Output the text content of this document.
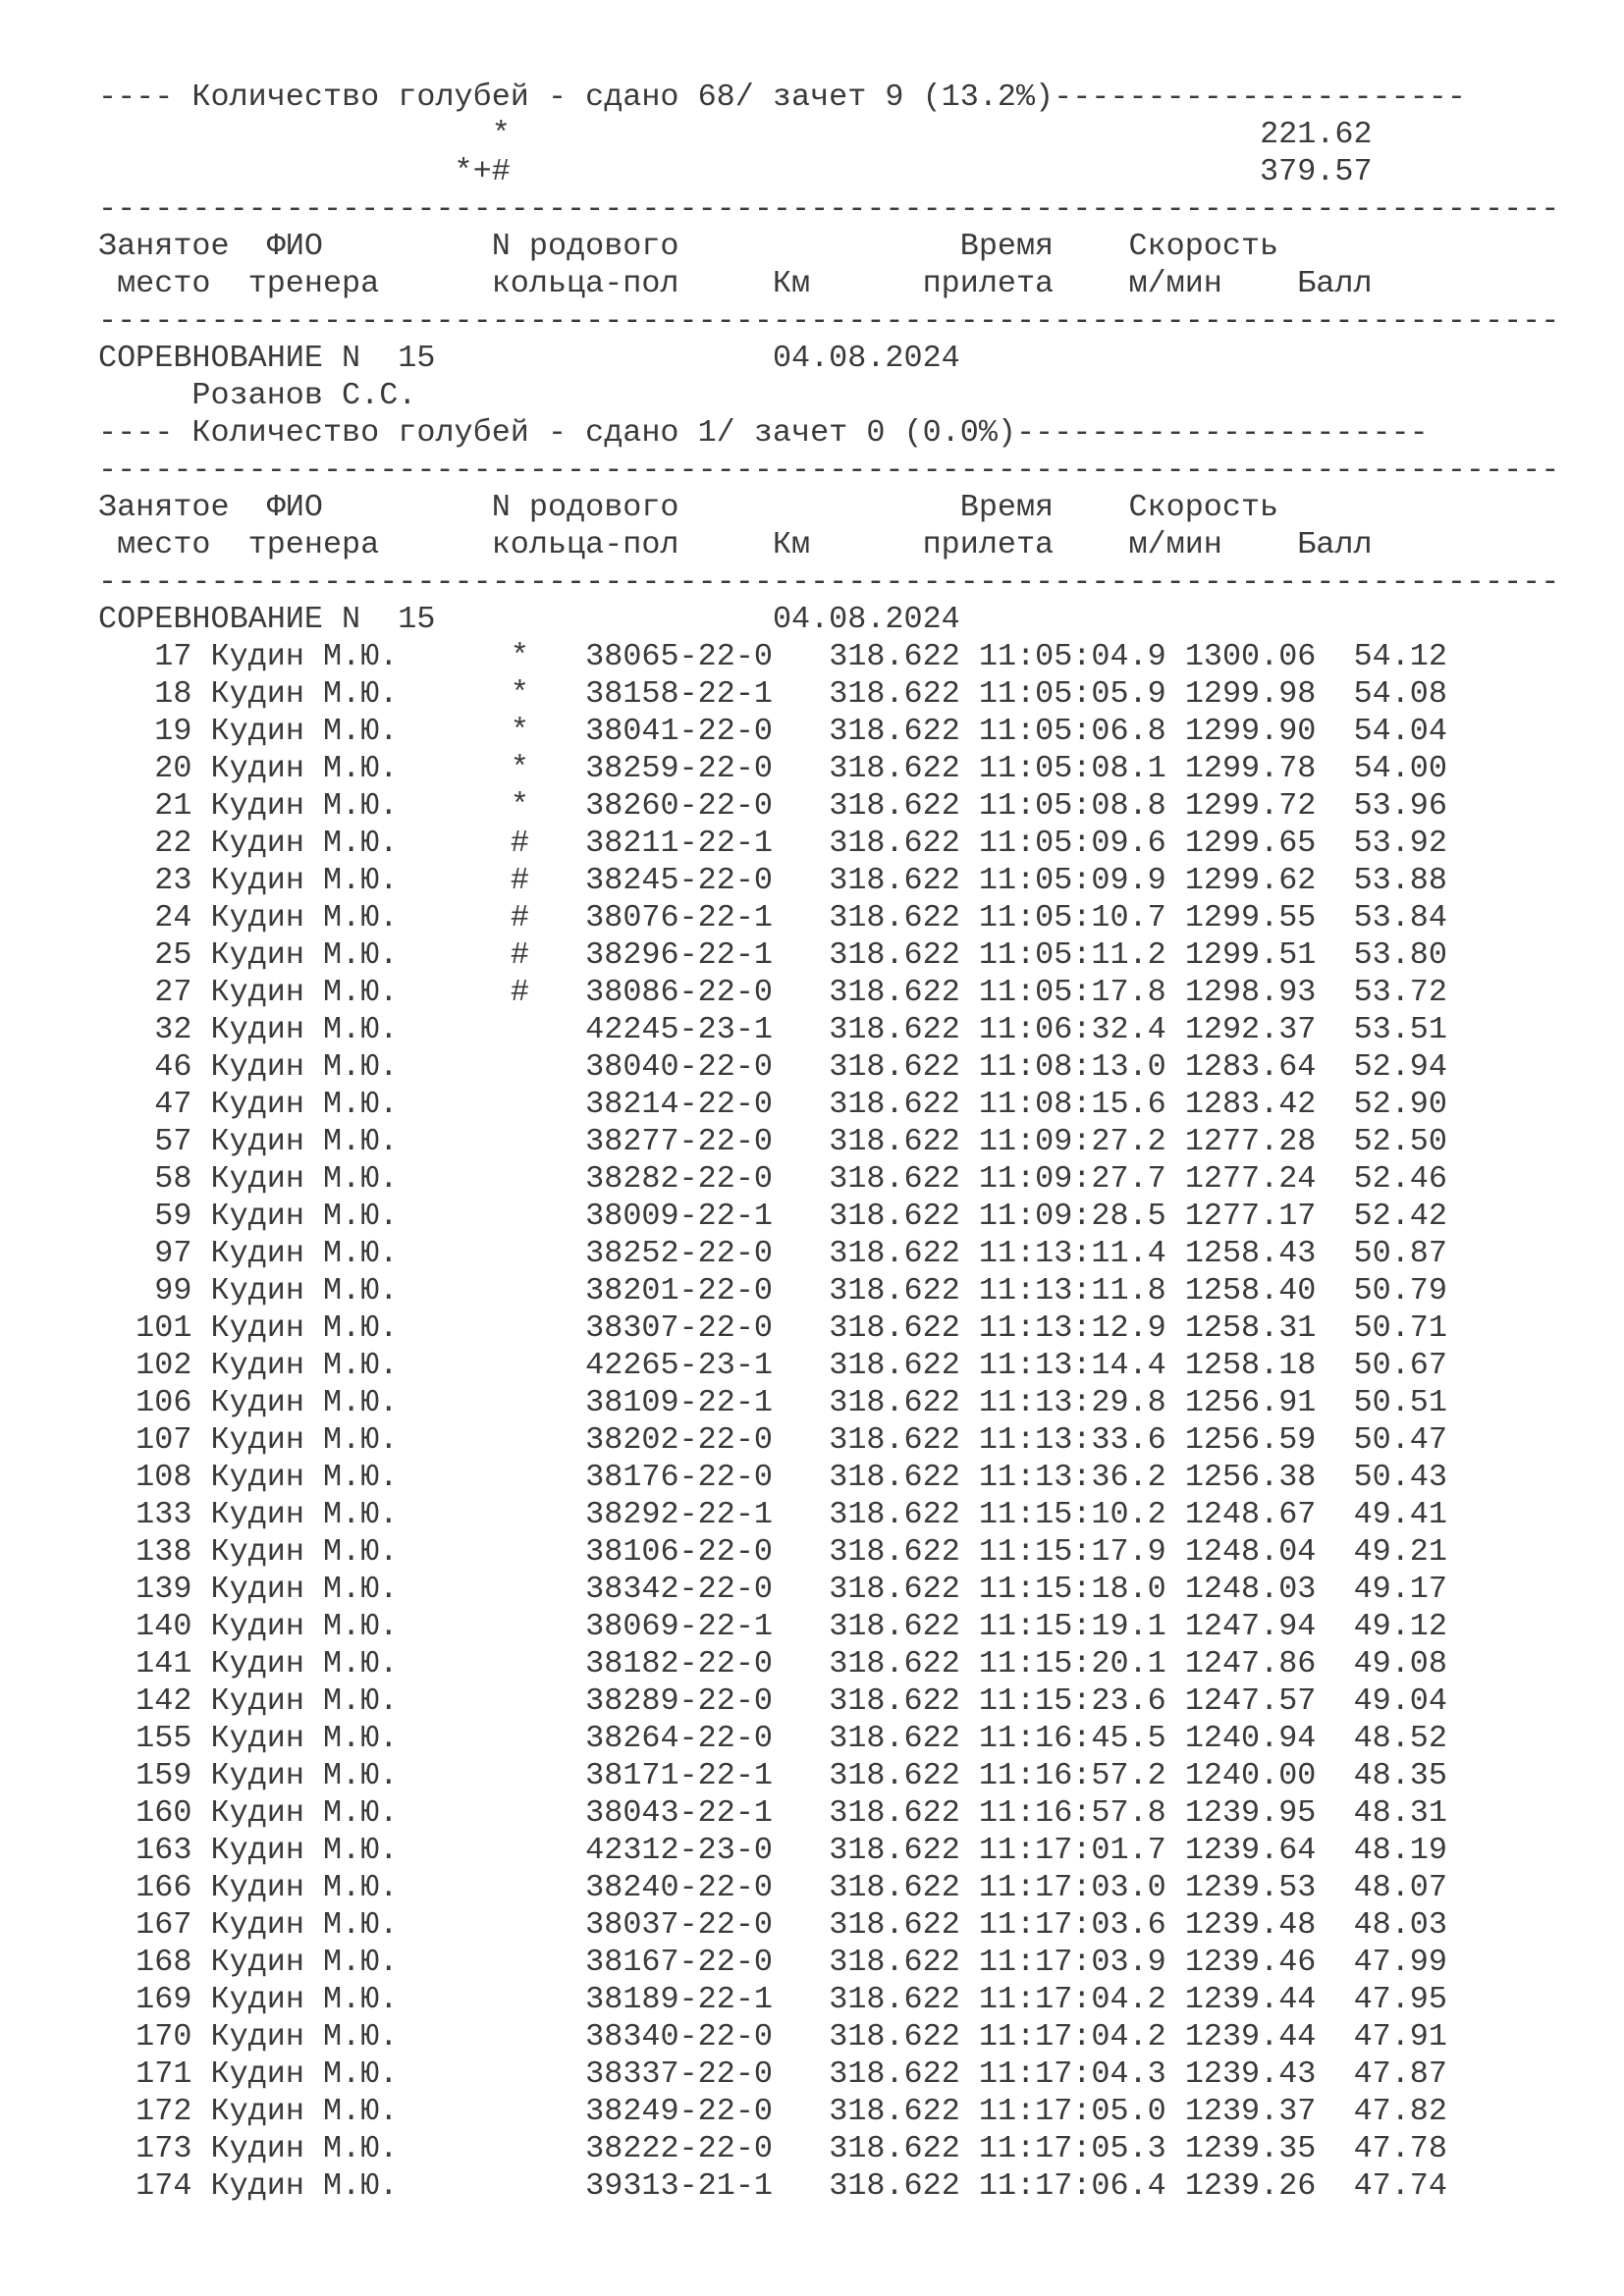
---- Количество голубей - сдано 68/ зачет 9 (13.2%)----------------------
*	221.62
*+#	379.57
------------------------------------------------------------------------------
Занятое  ФИО         N родового               Время    Скорость
место  тренера      кольца-пол     Км      прилета    м/мин    Балл
------------------------------------------------------------------------------
СОРЕВНОВАНИЕ N  15	04.08.2024
Розанов С.С.
---- Количество голубей - сдано 1/ зачет 0 (0.0%)----------------------
------------------------------------------------------------------------------
Занятое  ФИО         N родового               Время    Скорость
место  тренера      кольца-пол     Км      прилета    м/мин    Балл
------------------------------------------------------------------------------
СОРЕВНОВАНИЕ N  15	04.08.2024
17 Кудин М.Ю.	* 38065-22-0 318.622 11:05:04.9 1300.06 54.12
18 Кудин М.Ю.	* 38158-22-1 318.622 11:05:05.9 1299.98 54.08
19 Кудин М.Ю.	* 38041-22-0 318.622 11:05:06.8 1299.90 54.04
20 Кудин М.Ю.	* 38259-22-0 318.622 11:05:08.1 1299.78 54.00
21 Кудин М.Ю.	* 38260-22-0 318.622 11:05:08.8 1299.72 53.96
22 Кудин М.Ю.	# 38211-22-1 318.622 11:05:09.6 1299.65 53.92
23 Кудин М.Ю.	# 38245-22-0 318.622 11:05:09.9 1299.62 53.88
24 Кудин М.Ю.	# 38076-22-1 318.622 11:05:10.7 1299.55 53.84
25 Кудин М.Ю.	# 38296-22-1 318.622 11:05:11.2 1299.51 53.80
27 Кудин М.Ю.	# 38086-22-0 318.622 11:05:17.8 1298.93 53.72
32 Кудин М.Ю.	42245-23-1 318.622 11:06:32.4 1292.37 53.51
46 Кудин М.Ю.	38040-22-0 318.622 11:08:13.0 1283.64 52.94
47 Кудин М.Ю.	38214-22-0 318.622 11:08:15.6 1283.42 52.90
57 Кудин М.Ю.	38277-22-0 318.622 11:09:27.2 1277.28 52.50
58 Кудин М.Ю.	38282-22-0 318.622 11:09:27.7 1277.24 52.46
59 Кудин М.Ю.	38009-22-1 318.622 11:09:28.5 1277.17 52.42
97 Кудин М.Ю.	38252-22-0 318.622 11:13:11.4 1258.43 50.87
99 Кудин М.Ю.	38201-22-0 318.622 11:13:11.8 1258.40 50.79
101 Кудин М.Ю.	38307-22-0 318.622 11:13:12.9 1258.31 50.71
102 Кудин М.Ю.	42265-23-1 318.622 11:13:14.4 1258.18 50.67
106 Кудин М.Ю.	38109-22-1 318.622 11:13:29.8 1256.91 50.51
107 Кудин М.Ю.	38202-22-0 318.622 11:13:33.6 1256.59 50.47
108 Кудин М.Ю.	38176-22-0 318.622 11:13:36.2 1256.38 50.43
133 Кудин М.Ю.	38292-22-1 318.622 11:15:10.2 1248.67 49.41
138 Кудин М.Ю.	38106-22-0 318.622 11:15:17.9 1248.04 49.21
139 Кудин М.Ю.	38342-22-0 318.622 11:15:18.0 1248.03 49.17
140 Кудин М.Ю.	38069-22-1 318.622 11:15:19.1 1247.94 49.12
141 Кудин М.Ю.	38182-22-0 318.622 11:15:20.1 1247.86 49.08
142 Кудин М.Ю.	38289-22-0 318.622 11:15:23.6 1247.57 49.04
155 Кудин М.Ю.	38264-22-0 318.622 11:16:45.5 1240.94 48.52
159 Кудин М.Ю.	38171-22-1 318.622 11:16:57.2 1240.00 48.35
160 Кудин М.Ю.	38043-22-1 318.622 11:16:57.8 1239.95 48.31
163 Кудин М.Ю.	42312-23-0 318.622 11:17:01.7 1239.64 48.19
166 Кудин М.Ю.	38240-22-0 318.622 11:17:03.0 1239.53 48.07
167 Кудин М.Ю.	38037-22-0 318.622 11:17:03.6 1239.48 48.03
168 Кудин М.Ю.	38167-22-0 318.622 11:17:03.9 1239.46 47.99
169 Кудин М.Ю.	38189-22-1 318.622 11:17:04.2 1239.44 47.95
170 Кудин М.Ю.	38340-22-0 318.622 11:17:04.2 1239.44 47.91
171 Кудин М.Ю.	38337-22-0 318.622 11:17:04.3 1239.43 47.87
172 Кудин М.Ю.	38249-22-0 318.622 11:17:05.0 1239.37 47.82
173 Кудин М.Ю.	38222-22-0 318.622 11:17:05.3 1239.35 47.78
174 Кудин М.Ю.	39313-21-1 318.622 11:17:06.4 1239.26 47.74
